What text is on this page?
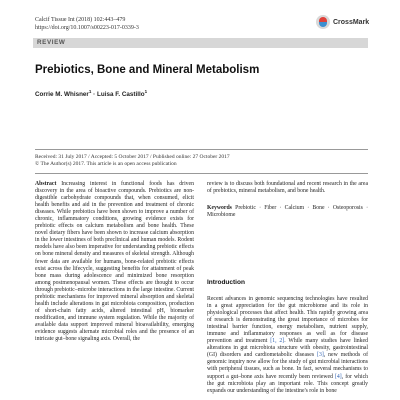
Calcif Tissue Int (2018) 102:443–479
https://doi.org/10.1007/s00223-017-0339-3
CrossMark
REVIEW
Prebiotics, Bone and Mineral Metabolism
Corrie M. Whisner$^1$ · Luisa F. Castillo$^1$
Received: 31 July 2017 / Accepted: 5 October 2017 / Published online: 27 October 2017
© The Author(s) 2017. This article is an open access publication

Abstract Increasing interest in functional foods has driven discovery in the area of bioactive compounds. Prebiotics are non-digestible carbohydrate compounds that, when consumed, elicit health benefits and aid in the prevention and treatment of chronic diseases. While prebiotics have been shown to improve a number of chronic, inflammatory conditions, growing evidence exists for prebiotic effects on calcium metabolism and bone health. These novel dietary fibers have been shown to increase calcium absorption in the lower intestines of both preclinical and human models. Rodent models have also been imperative for understanding prebiotic effects on bone mineral density and measures of skeletal strength. Although fewer data are available for humans, bone-related prebiotic effects exist across the lifecycle, suggesting benefits for attainment of peak bone mass during adolescence and minimized bone resorption among postmenopausal women. These effects are thought to occur through prebiotic–microbe interactions in the large intestine. Current prebiotic mechanisms for improved mineral absorption and skeletal health include alterations in gut microbiota composition, production of short-chain fatty acids, altered intestinal pH, biomarker modification, and immune system regulation. While the majority of available data support improved mineral bioavailability, emerging evidence suggests alternate microbial roles and the presence of an intricate gut–bone signaling axis. Overall, the

review is to discuss both foundational and recent research in the area of prebiotics, mineral metabolism, and bone health.

Keywords Prebiotic · Fiber · Calcium · Bone · Osteoporosis · Microbiome

Introduction

Recent advances in genomic sequencing technologies have resulted in a great appreciation for the gut microbiome and its role in physiological processes that affect health. This rapidly growing area of research is demonstrating the great importance of microbes for intestinal barrier function, energy metabolism, nutrient supply, immune and inflammatory responses as well as for disease prevention and treatment [1, 2]. While many studies have linked alterations in gut microbiota structure with obesity, gastrointestinal (GI) disorders and cardiometabolic diseases [3], new methods of genomic inquiry now allow for the study of gut microbial interactions with peripheral tissues, such as bone. In fact, several mechanisms to support a gut–bone axis have recently been reviewed [4], for which the gut microbiota play an important role. This concept greatly expands our understanding of the intestine's role in bone
